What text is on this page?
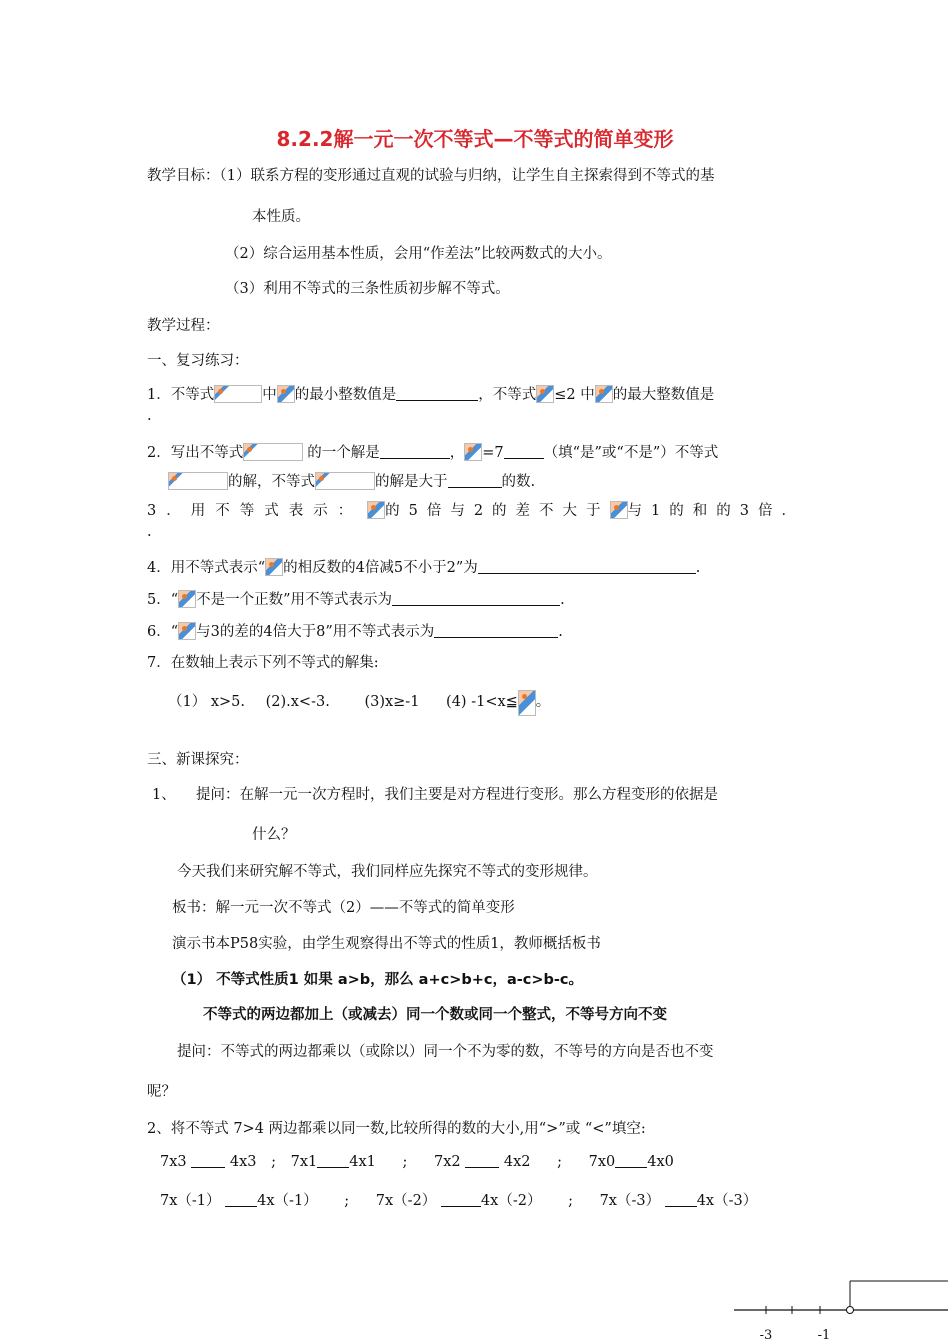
8.2.2解一元一次不等式—不等式的简单变形
教学目标：（1）联系方程的变形通过直观的试验与归纳，让学生自主探索得到不等式的基
本性质。
（2）综合运用基本性质，会用“作差法”比较两数式的大小。
（3）利用不等式的三条性质初步解不等式。
教学过程：
一、复习练习：
1．不等式	中 的最小整数值是	，不等式 ≤2 中 的最大整数值是
.
2．写出不等式	的一个解是	， =7	（填“是”或“不是”）不等式
的解，不等式	的解是大于	的数.
3．用不等式表示：	的5倍与2的差不大于 与1的和的3倍．
.
4．用不等式表示“ 的相反数的4倍减5不小于2”为	.
5．“ 不是一个正数”用不等式表示为	.
6．“ 与3的差的4倍大于8”用不等式表示为	.
7．在数轴上表示下列不等式的解集:
（1） x>5. (2).x<-3. (3)x≥-1 (4) -1<x≦ 。
三、新课探究：
1、 提问：在解一元一次方程时，我们主要是对方程进行变形。那么方程变形的依据是
什么？
今天我们来研究解不等式，我们同样应先探究不等式的变形规律。
板书：解一元一次不等式（2）——不等式的简单变形
演示书本P58实验，由学生观察得出不等式的性质1，教师概括板书
（1） 不等式性质1 如果 a>b，那么 a+c>b+c，a-c>b-c。
不等式的两边都加上（或减去）同一个数或同一个整式，不等号方向不变
提问：不等式的两边都乘以（或除以）同一个不为零的数，不等号的方向是否也不变
呢？
2、将不等式 7>4 两边都乘以同一数,比较所得的数的大小,用“>”或 “<”填空:
7x3	4x3 ; 7x1 4x1 ; 7x2	4x2 ; 7x0 4x0
7x（-1）	4x（-1） ; 7x（-2）	4x（-2） ; 7x（-3）	4x（-3）
-3	-1
